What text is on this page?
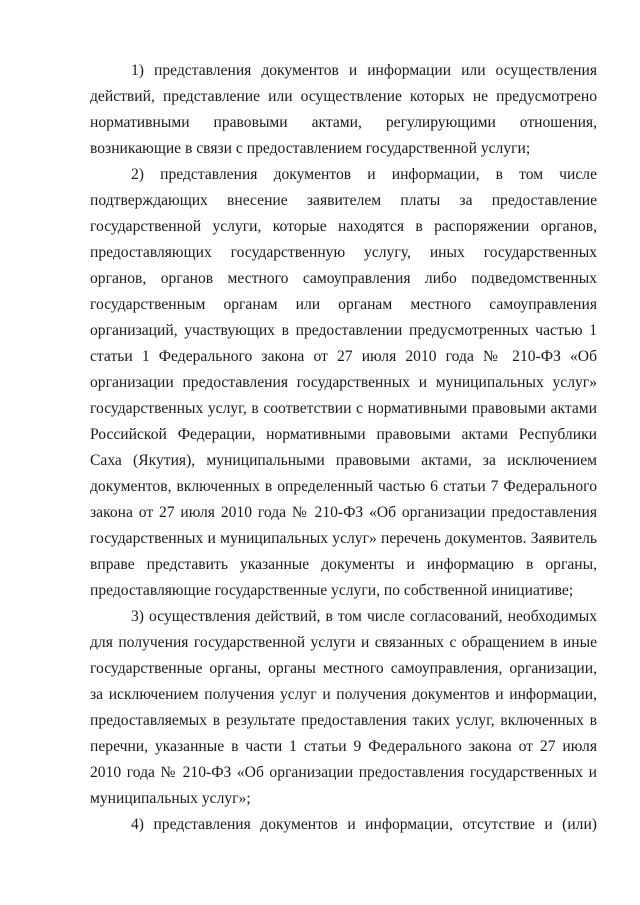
1) представления документов и информации или осуществления действий, представление или осуществление которых не предусмотрено нормативными правовыми актами, регулирующими отношения, возникающие в связи с предоставлением государственной услуги;

2) представления документов и информации, в том числе подтверждающих внесение заявителем платы за предоставление государственной услуги, которые находятся в распоряжении органов, предоставляющих государственную услугу, иных государственных органов, органов местного самоуправления либо подведомственных государственным органам или органам местного самоуправления организаций, участвующих в предоставлении предусмотренных частью 1 статьи 1 Федерального закона от 27 июля 2010 года № 210-ФЗ «Об организации предоставления государственных и муниципальных услуг» государственных услуг, в соответствии с нормативными правовыми актами Российской Федерации, нормативными правовыми актами Республики Саха (Якутия), муниципальными правовыми актами, за исключением документов, включенных в определенный частью 6 статьи 7 Федерального закона от 27 июля 2010 года № 210-ФЗ «Об организации предоставления государственных и муниципальных услуг» перечень документов. Заявитель вправе представить указанные документы и информацию в органы, предоставляющие государственные услуги, по собственной инициативе;

3) осуществления действий, в том числе согласований, необходимых для получения государственной услуги и связанных с обращением в иные государственные органы, органы местного самоуправления, организации, за исключением получения услуг и получения документов и информации, предоставляемых в результате предоставления таких услуг, включенных в перечни, указанные в части 1 статьи 9 Федерального закона от 27 июля 2010 года № 210-ФЗ «Об организации предоставления государственных и муниципальных услуг»;

4) представления документов и информации, отсутствие и (или)
